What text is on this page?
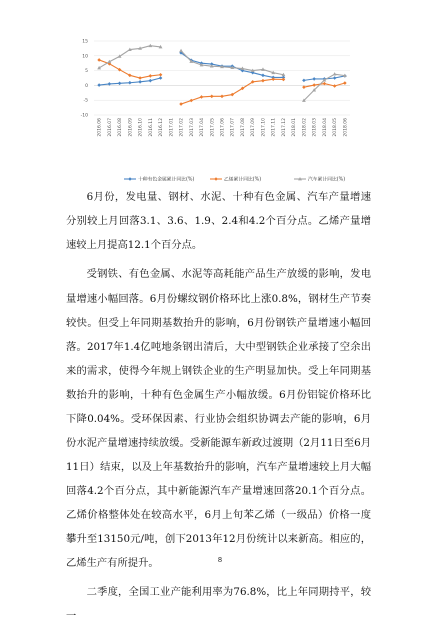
-10
-5
0
5
10
15
2016.06 2016.07 2016.08 2016.09 2016.10 2016.11 2016.12 2017.01 2017.02 2017.03 2017.04 2017.05 2017.06 2017.07 2017.08 2017.09 2017.10 2017.11 2017.12 2018.01 2018.02 2018.03 2018.04 2018.05 2018.06
十种有色金属累计同比(%)	乙烯累计同比(%)	汽车累计同比(%)

6月份，发电量、钢材、水泥、十种有色金属、汽车产量增速分别较上月回落3.1、3.6、1.9、2.4和4.2个百分点。乙烯产量增速较上月提高12.1个百分点。

受钢铁、有色金属、水泥等高耗能产品生产放缓的影响，发电量增速小幅回落。6月份螺纹钢价格环比上涨0.8%，钢材生产节奏较快。但受上年同期基数抬升的影响，6月份钢铁产量增速小幅回落。2017年1.4亿吨地条钢出清后，大中型钢铁企业承接了空余出来的需求，使得今年规上钢铁企业的生产明显加快。受上年同期基数抬升的影响，十种有色金属生产小幅放缓。6月份铝锭价格环比下降0.04%。受环保因素、行业协会组织协调去产能的影响，6月份水泥产量增速持续放缓。受新能源车新政过渡期（2月11日至6月11日）结束，以及上年基数抬升的影响，汽车产量增速较上月大幅回落4.2个百分点，其中新能源汽车产量增速回落20.1个百分点。乙烯价格整体处在较高水平，6月上旬苯乙烯（一级品）价格一度攀升至13150元/吨，创下2013年12月份统计以来新高。相应的，乙烯生产有所提升。

二季度，全国工业产能利用率为76.8%，比上年同期持平，较一

8
